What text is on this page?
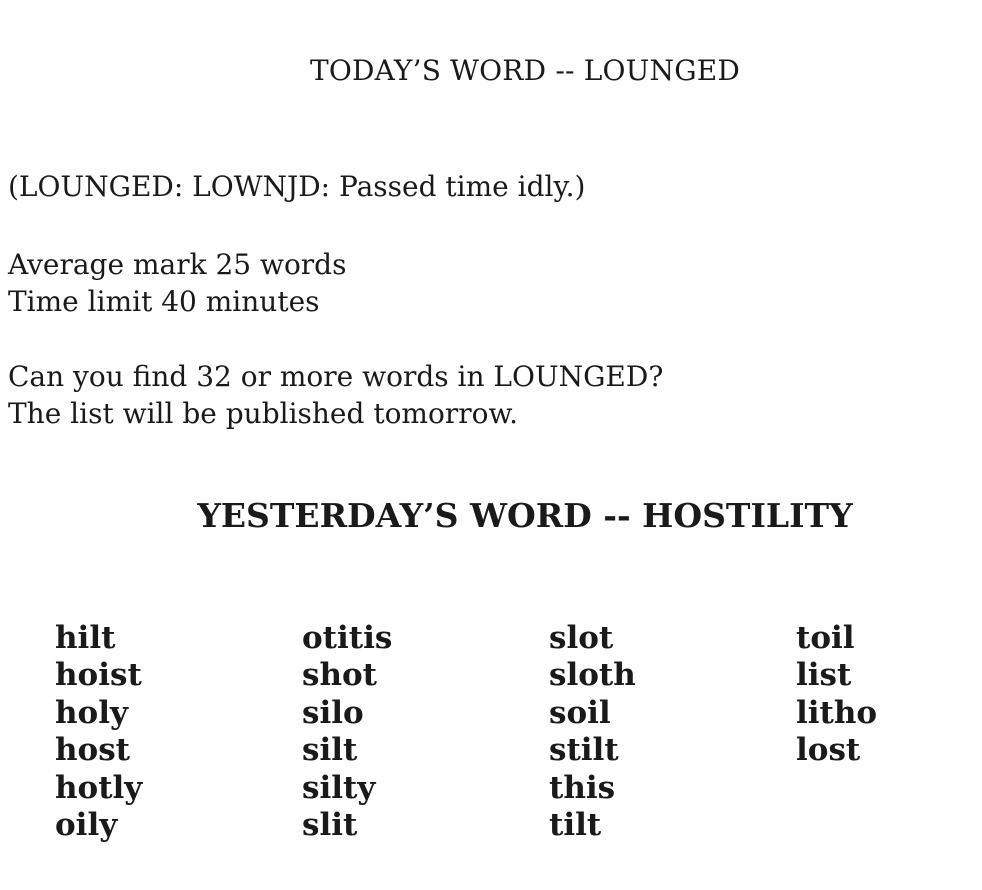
TODAY’S WORD -- LOUNGED
(LOUNGED: LOWNJD: Passed time idly.)
Average mark 25 words
Time limit 40 minutes
Can you find 32 or more words in LOUNGED?
The list will be published tomorrow.
YESTERDAY’S WORD -- HOSTILITY
hilt
hoist
holy
host
hotly
oily
otitis
shot
silo
silt
silty
slit
slot
sloth
soil
stilt
this
tilt
toil
list
litho
lost
